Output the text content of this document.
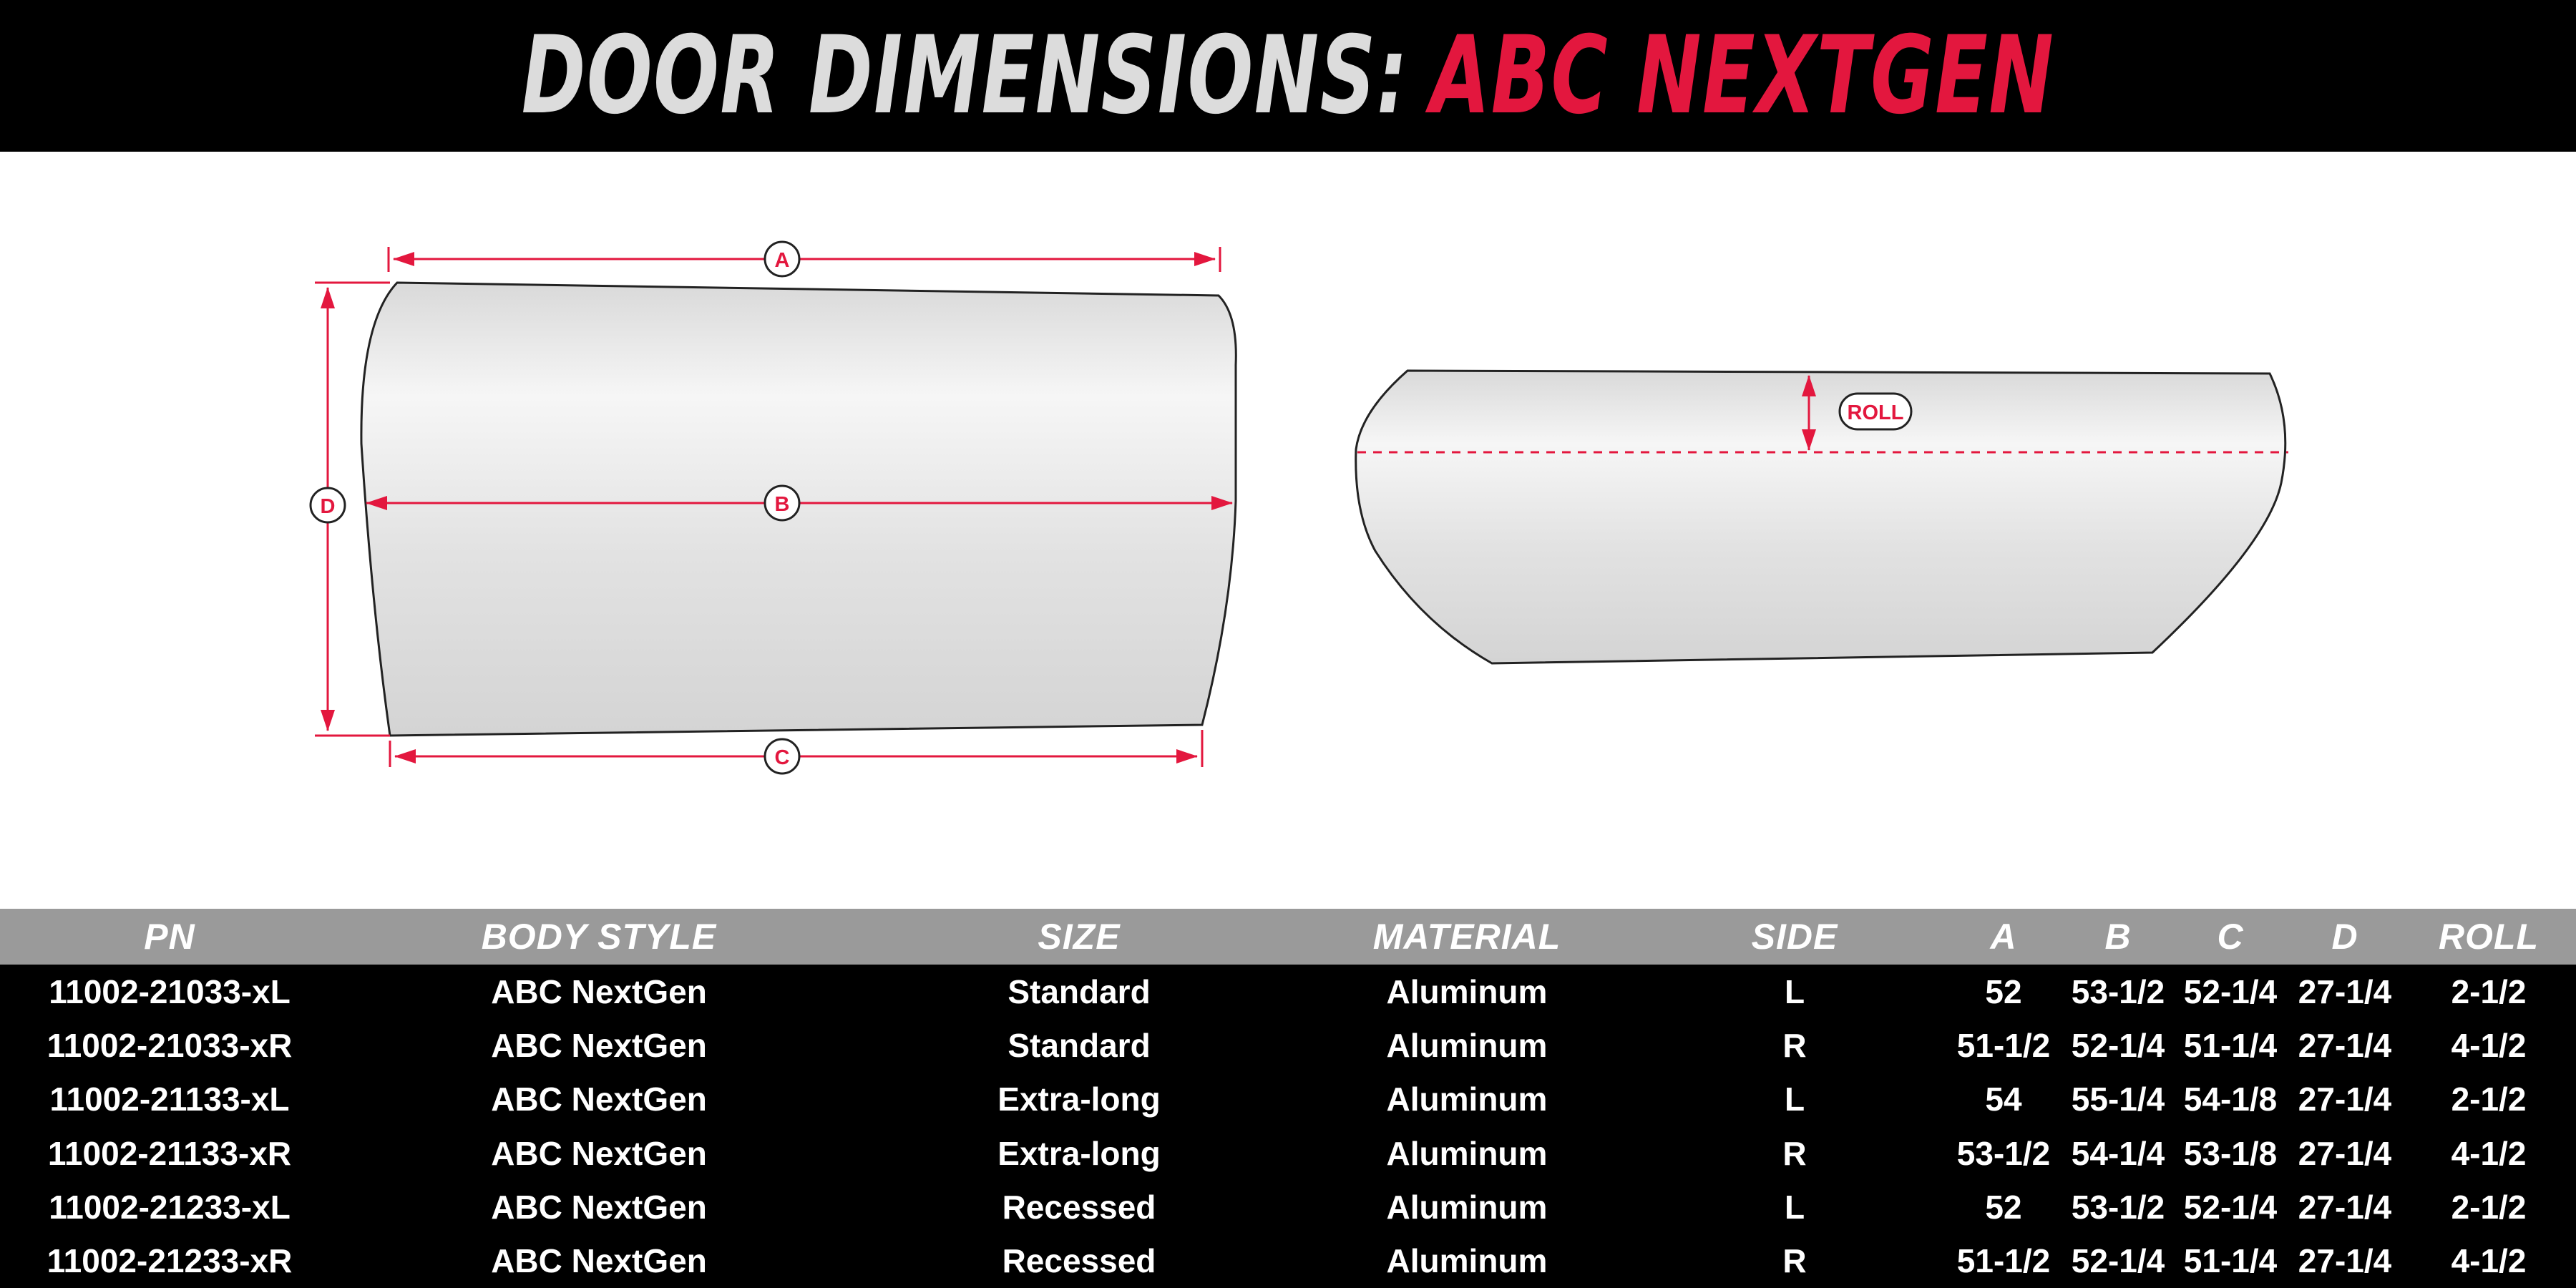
DOOR DIMENSIONS: ABC NEXTGEN
A
B
C
D
ROLL
PN	BODY STYLE	SIZE	MATERIAL	SIDE	A B C D ROLL
11002-21033-xL	ABC NextGen	Standard	Aluminum	L	52 53-1/2 52-1/4 27-1/4 2-1/2
11002-21033-xR	ABC NextGen	Standard	Aluminum	R	51-1/2 52-1/4 51-1/4 27-1/4 4-1/2
11002-21133-xL	ABC NextGen	Extra-long	Aluminum	L	54 55-1/4 54-1/8 27-1/4 2-1/2
11002-21133-xR	ABC NextGen	Extra-long	Aluminum	R	53-1/2 54-1/4 53-1/8 27-1/4 4-1/2
11002-21233-xL	ABC NextGen	Recessed	Aluminum	L	52 53-1/2 52-1/4 27-1/4 2-1/2
11002-21233-xR	ABC NextGen	Recessed	Aluminum	R	51-1/2 52-1/4 51-1/4 27-1/4 4-1/2
